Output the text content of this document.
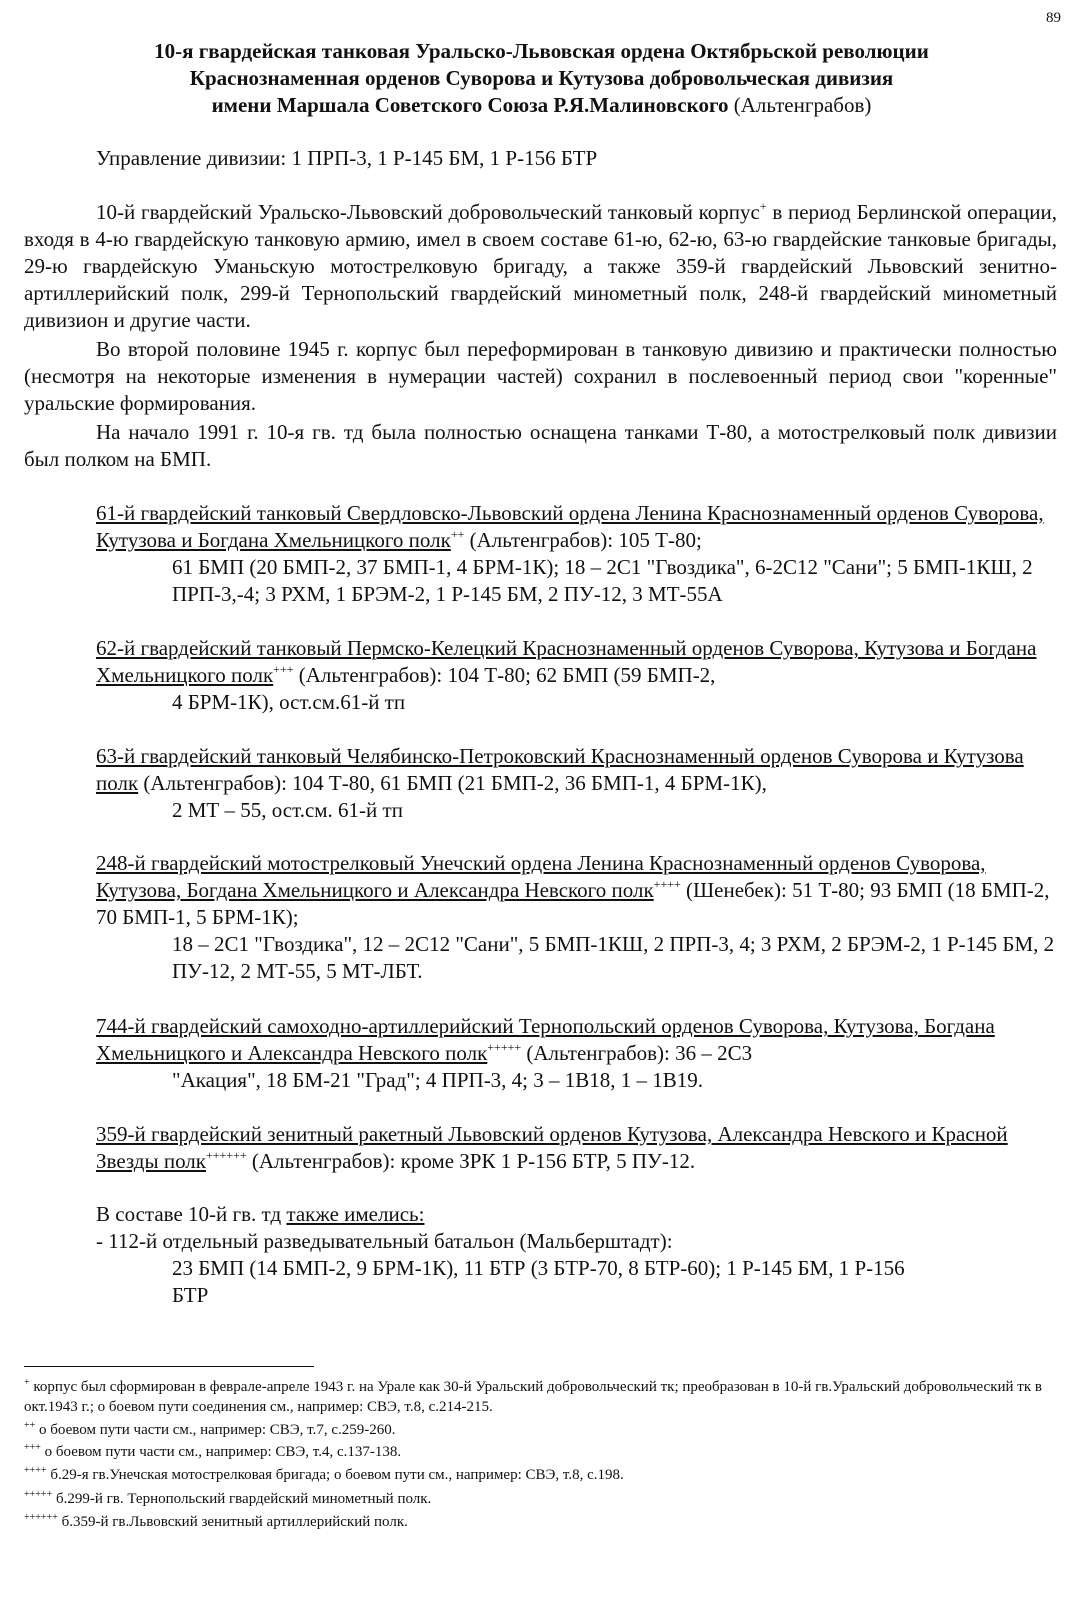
89
10-я гвардейская танковая Уральско-Львовская ордена Октябрьской революции
Краснознаменная орденов Суворова и Кутузова добровольческая дивизия
имени Маршала Советского Союза Р.Я.Малиновского (Альтенграбов)
Управление дивизии: 1 ПРП-3, 1 Р-145 БМ, 1 Р-156 БТР
10-й гвардейский Уральско-Львовский добровольческий танковый корпус+ в период Берлинской операции, входя в 4-ю гвардейскую танковую армию, имел в своем составе 61-ю, 62-ю, 63-ю гвардейские танковые бригады, 29-ю гвардейскую Уманьскую мотострелковую бригаду, а также 359-й гвардейский Львовский зенитно-артиллерийский полк, 299-й Тернопольский гвардейский минометный полк, 248-й гвардейский минометный дивизион и другие части.
Во второй половине 1945 г. корпус был переформирован в танковую дивизию и практически полностью (несмотря на некоторые изменения в нумерации частей) сохранил в послевоенный период свои "коренные" уральские формирования.
На начало 1991 г. 10-я гв. тд была полностью оснащена танками Т-80, а мотострелковый полк дивизии был полком на БМП.
61-й гвардейский танковый Свердловско-Львовский ордена Ленина Краснознаменный орденов Суворова, Кутузова и Богдана Хмельницкого полк++ (Альтенграбов): 105 Т-80;
61 БМП (20 БМП-2, 37 БМП-1, 4 БРМ-1К); 18 – 2С1 "Гвоздика", 6-2С12 "Сани"; 5 БМП-1КШ, 2 ПРП-3,-4; 3 РХМ, 1 БРЭМ-2, 1 Р-145 БМ, 2 ПУ-12, 3 МТ-55А
62-й гвардейский танковый Пермско-Келецкий Краснознаменный орденов Суворова, Кутузова и Богдана Хмельницкого полк+++ (Альтенграбов): 104 Т-80; 62 БМП (59 БМП-2,
4 БРМ-1К), ост.см.61-й тп
63-й гвардейский танковый Челябинско-Петроковский Краснознаменный орденов Суворова и Кутузова полк (Альтенграбов): 104 Т-80, 61 БМП (21 БМП-2, 36 БМП-1, 4 БРМ-1К),
2 МТ – 55, ост.см. 61-й тп
248-й гвардейский мотострелковый Унечский ордена Ленина Краснознаменный орденов Суворова, Кутузова, Богдана Хмельницкого и Александра Невского полк++++ (Шенебек): 51 Т-80; 93 БМП (18 БМП-2, 70 БМП-1, 5 БРМ-1К);
18 – 2С1 "Гвоздика", 12 – 2С12 "Сани", 5 БМП-1КШ, 2 ПРП-3, 4; 3 РХМ, 2 БРЭМ-2, 1 Р-145 БМ, 2 ПУ-12, 2 МТ-55, 5 МТ-ЛБТ.
744-й гвардейский самоходно-артиллерийский Тернопольский орденов Суворова, Кутузова, Богдана Хмельницкого и Александра Невского полк+++++ (Альтенграбов): 36 – 2С3
"Акация", 18 БМ-21 "Град"; 4 ПРП-3, 4; 3 – 1В18, 1 – 1В19.
359-й гвардейский зенитный ракетный Львовский орденов Кутузова, Александра Невского и Красной Звезды полк++++++ (Альтенграбов): кроме ЗРК 1 Р-156 БТР, 5 ПУ-12.
В составе 10-й гв. тд также имелись:
- 112-й отдельный разведывательный батальон (Мальберштадт):
23 БМП (14 БМП-2, 9 БРМ-1К), 11 БТР (3 БТР-70, 8 БТР-60); 1 Р-145 БМ, 1 Р-156 БТР
+ корпус был сформирован в феврале-апреле 1943 г. на Урале как 30-й Уральский добровольческий тк; преобразован в 10-й гв.Уральский добровольческий тк в окт.1943 г.; о боевом пути соединения см., например: СВЭ, т.8, с.214-215.
++ о боевом пути части см., например: СВЭ, т.7, с.259-260.
+++ о боевом пути части см., например: СВЭ, т.4, с.137-138.
++++ б.29-я гв.Унечская мотострелковая бригада; о боевом пути см., например: СВЭ, т.8, с.198.
+++++ б.299-й гв. Тернопольский гвардейский минометный полк.
++++++ б.359-й гв.Львовский зенитный артиллерийский полк.
